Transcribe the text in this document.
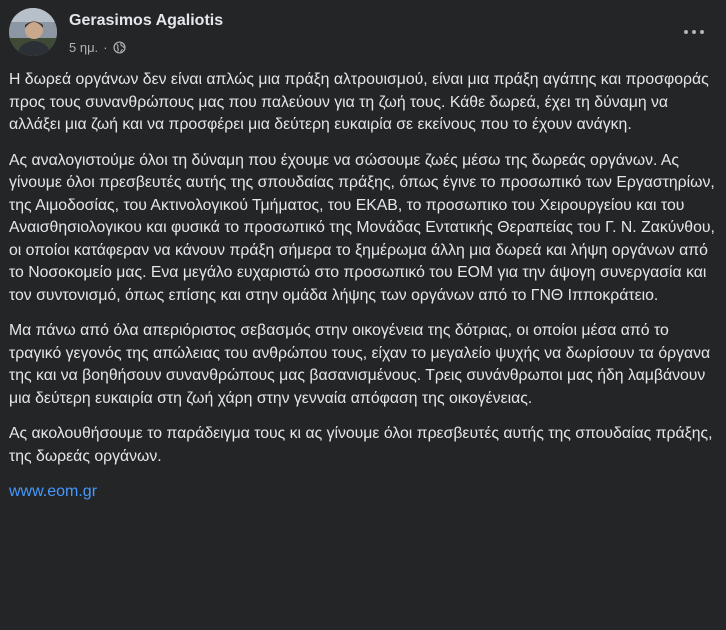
Gerasimos Agaliotis
5 ημ. ·

Η δωρεά οργάνων δεν είναι απλώς μια πράξη αλτρουισμού, είναι μια πράξη αγάπης και προσφοράς προς τους συνανθρώπους μας που παλεύουν για τη ζωή τους. Κάθε δωρεά, έχει τη δύναμη να αλλάξει μια ζωή και να προσφέρει μια δεύτερη ευκαιρία σε εκείνους που το έχουν ανάγκη.

Ας αναλογιστούμε όλοι τη δύναμη που έχουμε να σώσουμε ζωές μέσω της δωρεάς οργάνων. Ας γίνουμε όλοι πρεσβευτές αυτής της σπουδαίας πράξης, όπως έγινε το προσωπικό των Εργαστηρίων, της Αιμοδοσίας, του Ακτινολογικού Τμήματος, του ΕΚΑΒ, το προσωπικο του Χειρουργείου και του Αναισθησιολογικου και φυσικά το προσωπικό της Μονάδας Εντατικής Θεραπείας του Γ. Ν. Ζακύνθου, οι οποίοι κατάφεραν να κάνουν πράξη σήμερα το ξημέρωμα άλλη μια δωρεά και λήψη οργάνων από το Νοσοκομείο μας. Ενα μεγάλο ευχαριστώ στο προσωπικό του ΕΟΜ για την άψογη συνεργασία και τον συντονισμό, όπως επίσης και στην ομάδα λήψης των οργάνων από το ΓΝΘ Ιπποκράτειο.

Μα πάνω από όλα απεριόριστος σεβασμός στην οικογένεια της δότριας, οι οποίοι μέσα από το τραγικό γεγονός της απώλειας του ανθρώπου τους, είχαν το μεγαλείο ψυχής να δωρίσουν τα όργανα της και να βοηθήσουν συνανθρώπους μας βασανισμένους. Τρεις συνάνθρωποι μας ήδη λαμβάνουν μια δεύτερη ευκαιρία στη ζωή χάρη στην γενναία απόφαση της οικογένειας.

Ας ακολουθήσουμε το παράδειγμα τους κι ας γίνουμε όλοι πρεσβευτές αυτής της σπουδαίας πράξης, της δωρεάς οργάνων.

www.eom.gr
